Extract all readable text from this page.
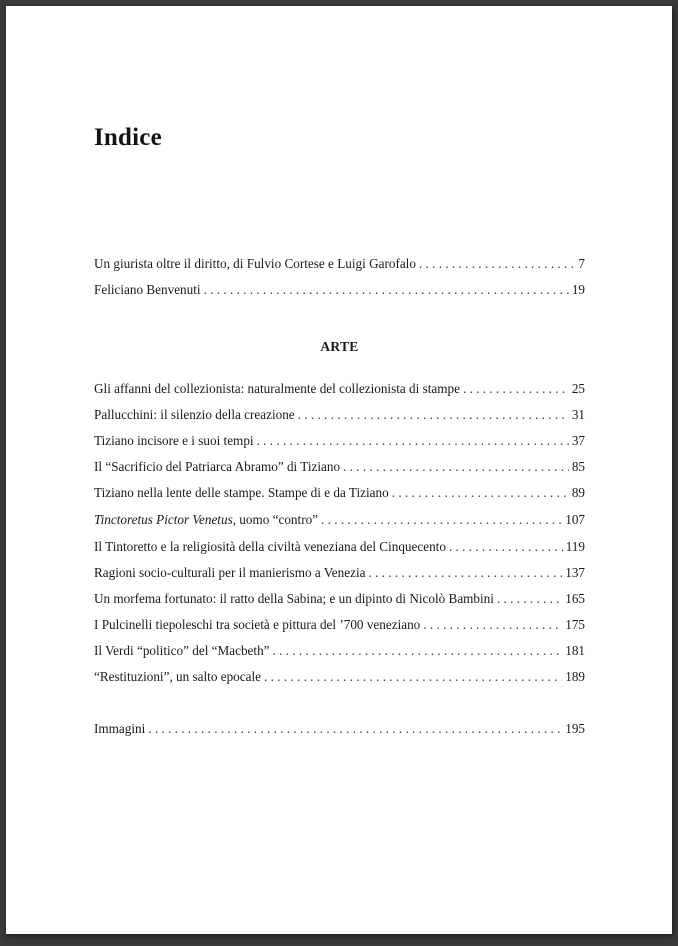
Indice
Un giurista oltre il diritto, di Fulvio Cortese e Luigi Garofalo . . .	7
Feliciano Benvenuti . . .	19
ARTE
Gli affanni del collezionista: naturalmente del collezionista di stampe . . .	25
Pallucchini: il silenzio della creazione . . .	31
Tiziano incisore e i suoi tempi . . .	37
Il “Sacrificio del Patriarca Abramo” di Tiziano . . .	85
Tiziano nella lente delle stampe. Stampe di e da Tiziano . . .	89
Tinctoretus Pictor Venetus, uomo “contro” . . .	107
Il Tintoretto e la religiosità della civiltà veneziana del Cinquecento . . .	119
Ragioni socio-culturali per il manierismo a Venezia . . .	137
Un morfema fortunato: il ratto della Sabina; e un dipinto di Nicolò Bambini . . .	165
I Pulcinelli tiepoleschi tra società e pittura del ’700 veneziano . . .	175
Il Verdi “politico” del “Macbeth” . . .	181
“Restituzioni”, un salto epocale . . .	189
Immagini . . .	195
